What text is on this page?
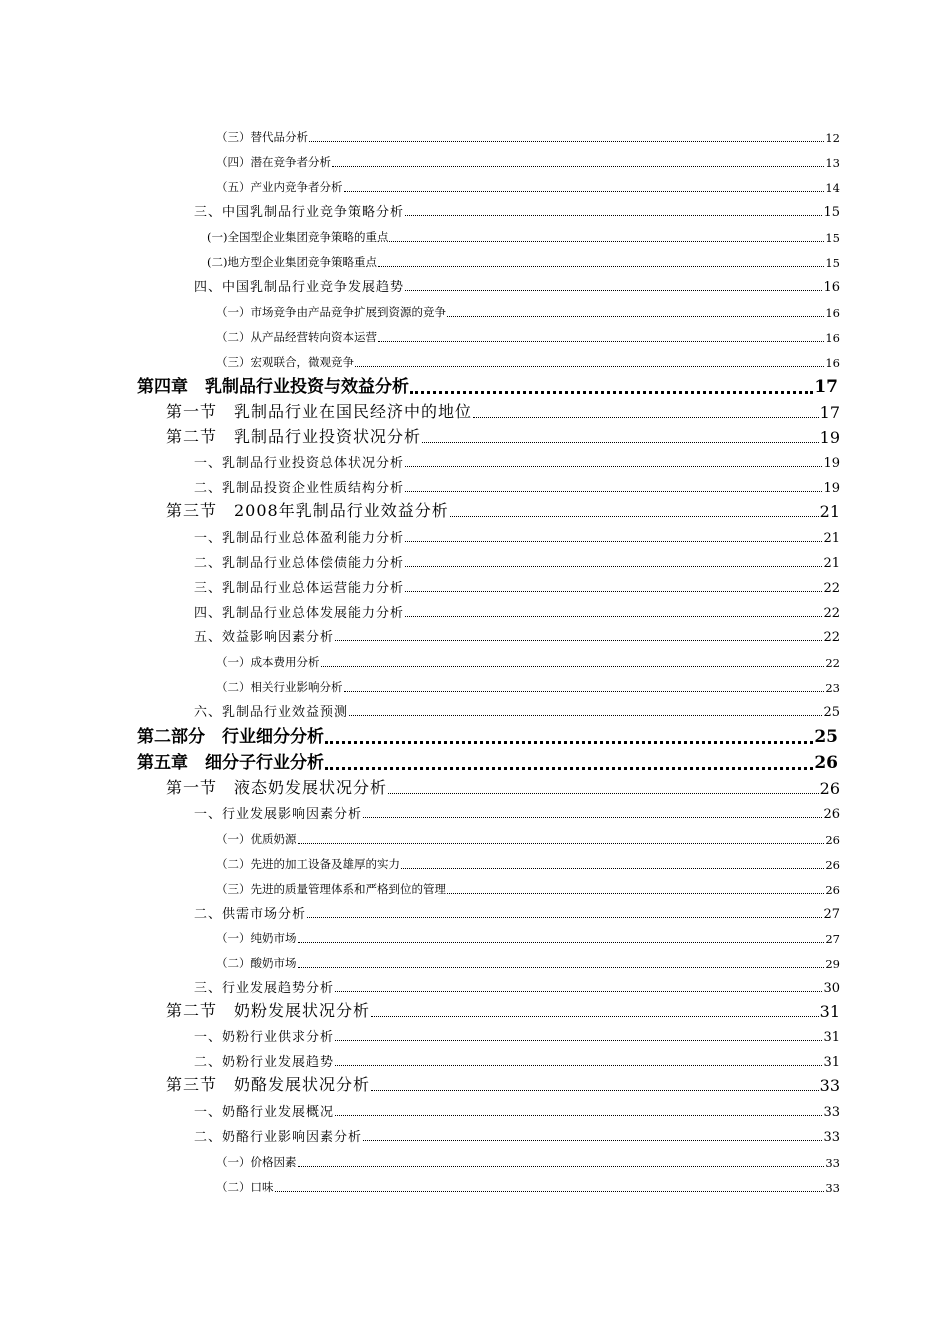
（三）替代品分析	12
（四）潜在竞争者分析	13
（五）产业内竞争者分析	14
三、中国乳制品行业竞争策略分析	15
(一)全国型企业集团竞争策略的重点	15
(二)地方型企业集团竞争策略重点	15
四、中国乳制品行业竞争发展趋势	16
（一）市场竞争由产品竞争扩展到资源的竞争	16
（二）从产品经营转向资本运营	16
（三）宏观联合，微观竞争	16
第四章　乳制品行业投资与效益分析	17
第一节　乳制品行业在国民经济中的地位	17
第二节　乳制品行业投资状况分析	19
一、乳制品行业投资总体状况分析	19
二、乳制品投资企业性质结构分析	19
第三节　2008年乳制品行业效益分析	21
一、乳制品行业总体盈利能力分析	21
二、乳制品行业总体偿债能力分析	21
三、乳制品行业总体运营能力分析	22
四、乳制品行业总体发展能力分析	22
五、效益影响因素分析	22
（一）成本费用分析	22
（二）相关行业影响分析	23
六、乳制品行业效益预测	25
第二部分　行业细分分析	25
第五章　细分子行业分析	26
第一节　液态奶发展状况分析	26
一、行业发展影响因素分析	26
（一）优质奶源	26
（二）先进的加工设备及雄厚的实力	26
（三）先进的质量管理体系和严格到位的管理	26
二、供需市场分析	27
（一）纯奶市场	27
（二）酸奶市场	29
三、行业发展趋势分析	30
第二节　奶粉发展状况分析	31
一、奶粉行业供求分析	31
二、奶粉行业发展趋势	31
第三节　奶酪发展状况分析	33
一、奶酪行业发展概况	33
二、奶酪行业影响因素分析	33
（一）价格因素	33
（二）口味	33
